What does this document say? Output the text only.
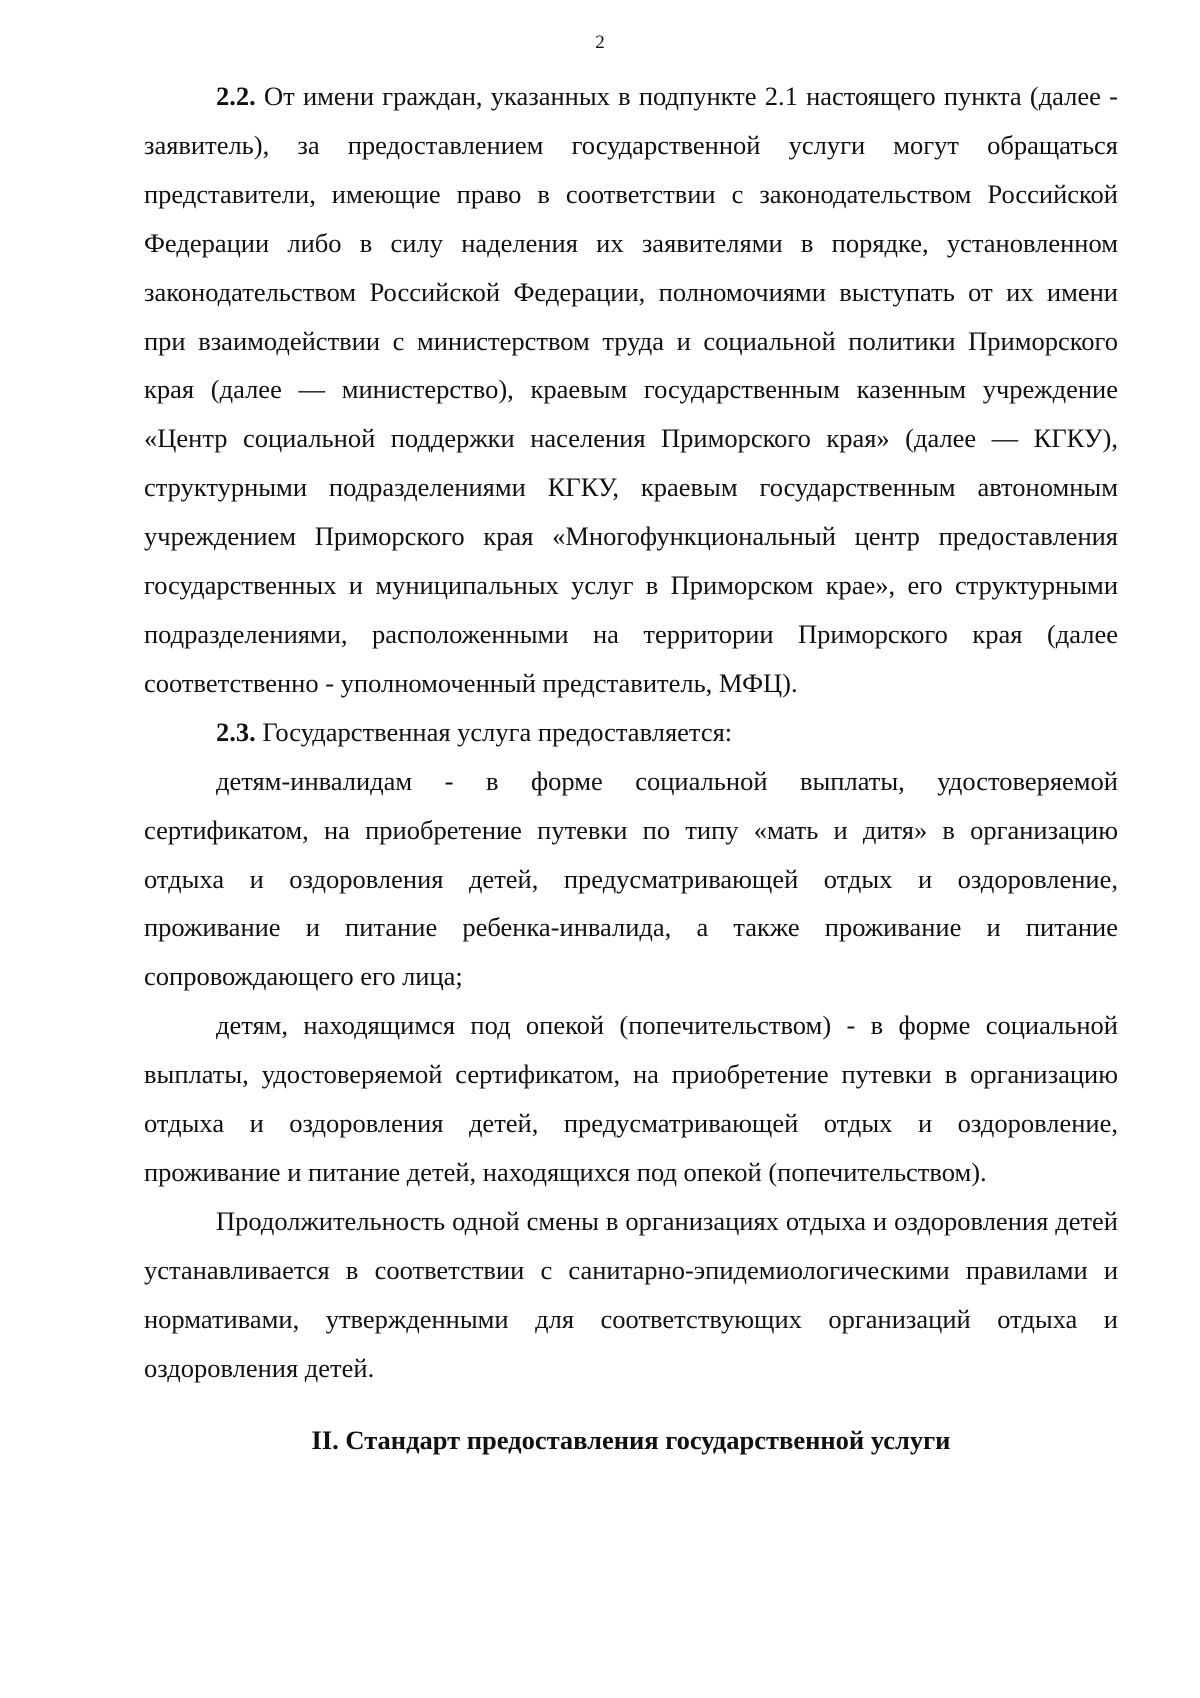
2

2.2. От имени граждан, указанных в подпункте 2.1 настоящего пункта (далее - заявитель), за предоставлением государственной услуги могут обращаться представители, имеющие право в соответствии с законодательством Российской Федерации либо в силу наделения их заявителями в порядке, установленном законодательством Российской Федерации, полномочиями выступать от их имени при взаимодействии с министерством труда и социальной политики Приморского края (далее — министерство), краевым государственным казенным учреждение «Центр социальной поддержки населения Приморского края» (далее — КГКУ), структурными подразделениями КГКУ, краевым государственным автономным учреждением Приморского края «Многофункциональный центр предоставления государственных и муниципальных услуг в Приморском крае», его структурными подразделениями, расположенными на территории Приморского края (далее соответственно - уполномоченный представитель, МФЦ).

2.3. Государственная услуга предоставляется:

детям-инвалидам - в форме социальной выплаты, удостоверяемой сертификатом, на приобретение путевки по типу «мать и дитя» в организацию отдыха и оздоровления детей, предусматривающей отдых и оздоровление, проживание и питание ребенка-инвалида, а также проживание и питание сопровождающего его лица;

детям, находящимся под опекой (попечительством) - в форме социальной выплаты, удостоверяемой сертификатом, на приобретение путевки в организацию отдыха и оздоровления детей, предусматривающей отдых и оздоровление, проживание и питание детей, находящихся под опекой (попечительством).

Продолжительность одной смены в организациях отдыха и оздоровления детей устанавливается в соответствии с санитарно-эпидемиологическими правилами и нормативами, утвержденными для соответствующих организаций отдыха и оздоровления детей.

II. Стандарт предоставления государственной услуги
